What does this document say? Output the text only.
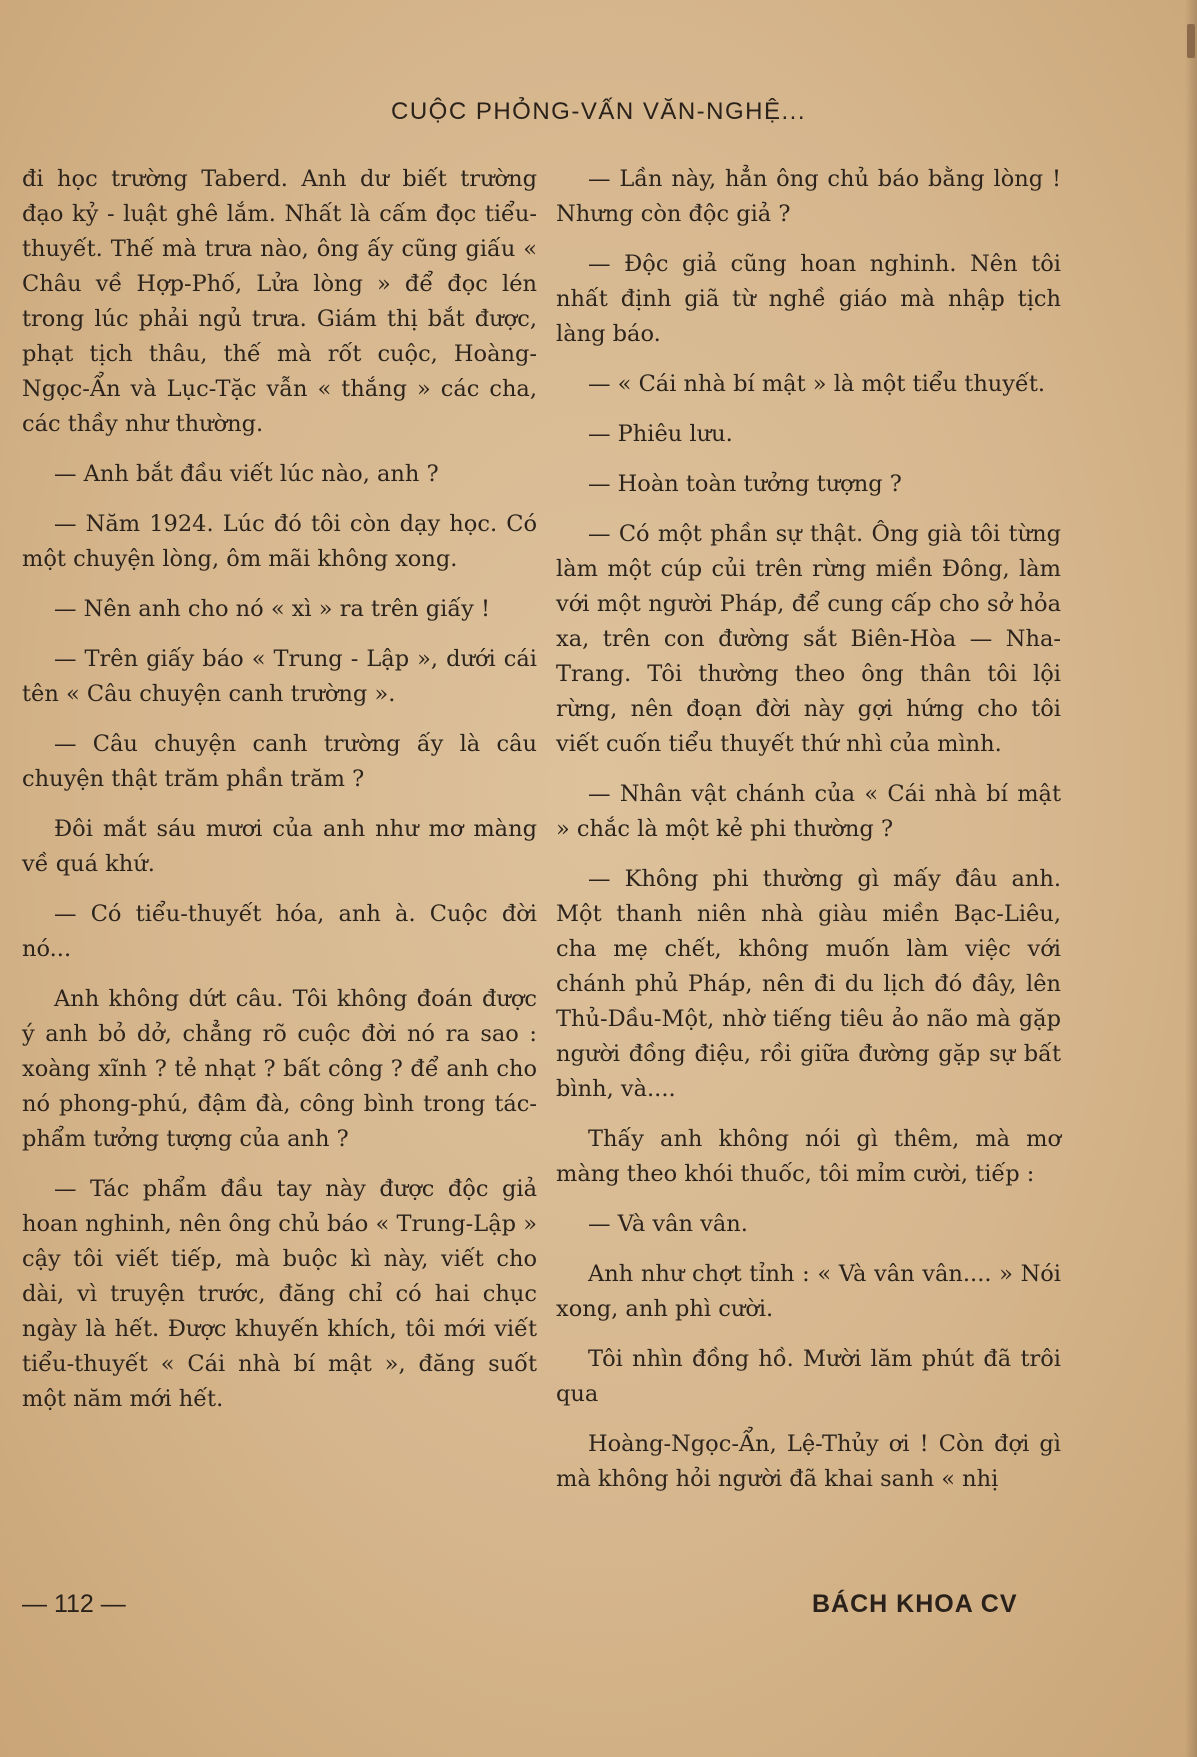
CUỘC PHỎNG-VẤN VĂN-NGHỆ...

đi học trường Taberd. Anh dư biết trường đạo kỷ - luật ghê lắm. Nhất là cấm đọc tiểu-thuyết. Thế mà trưa nào, ông ấy cũng giấu « Châu về Hợp-Phố, Lửa lòng » để đọc lén trong lúc phải ngủ trưa. Giám thị bắt được, phạt tịch thâu, thế mà rốt cuộc, Hoàng-Ngọc-Ẩn và Lục-Tặc vẫn « thắng » các cha, các thầy như thường.

— Anh bắt đầu viết lúc nào, anh ?

— Năm 1924. Lúc đó tôi còn dạy học. Có một chuyện lòng, ôm mãi không xong.

— Nên anh cho nó « xì » ra trên giấy !

— Trên giấy báo « Trung - Lập », dưới cái tên « Câu chuyện canh trường ».

— Câu chuyện canh trường ấy là câu chuyện thật trăm phần trăm ?

Đôi mắt sáu mươi của anh như mơ màng về quá khứ.

— Có tiểu-thuyết hóa, anh à. Cuộc đời nó...

Anh không dứt câu. Tôi không đoán được ý anh bỏ dở, chẳng rõ cuộc đời nó ra sao : xoàng xĩnh ? tẻ nhạt ? bất công ? để anh cho nó phong-phú, đậm đà, công bình trong tác-phẩm tưởng tượng của anh ?

— Tác phẩm đầu tay này được độc giả hoan nghinh, nên ông chủ báo « Trung-Lập » cậy tôi viết tiếp, mà buộc kì này, viết cho dài, vì truyện trước, đăng chỉ có hai chục ngày là hết. Được khuyến khích, tôi mới viết tiểu-thuyết « Cái nhà bí mật », đăng suốt một năm mới hết.

— Lần này, hẳn ông chủ báo bằng lòng ! Nhưng còn độc giả ?

— Độc giả cũng hoan nghinh. Nên tôi nhất định giã từ nghề giáo mà nhập tịch làng báo.

— « Cái nhà bí mật » là một tiểu thuyết.

— Phiêu lưu.

— Hoàn toàn tưởng tượng ?

— Có một phần sự thật. Ông già tôi từng làm một cúp củi trên rừng miền Đông, làm với một người Pháp, để cung cấp cho sở hỏa xa, trên con đường sắt Biên-Hòa — Nha-Trang. Tôi thường theo ông thân tôi lội rừng, nên đoạn đời này gợi hứng cho tôi viết cuốn tiểu thuyết thứ nhì của mình.

— Nhân vật chánh của « Cái nhà bí mật » chắc là một kẻ phi thường ?

— Không phi thường gì mấy đâu anh. Một thanh niên nhà giàu miền Bạc-Liêu, cha mẹ chết, không muốn làm việc với chánh phủ Pháp, nên đi du lịch đó đây, lên Thủ-Dầu-Một, nhờ tiếng tiêu ảo não mà gặp người đồng điệu, rồi giữa đường gặp sự bất bình, và....

Thấy anh không nói gì thêm, mà mơ màng theo khói thuốc, tôi mỉm cười, tiếp :

— Và vân vân.

Anh như chợt tỉnh : « Và vân vân.... » Nói xong, anh phì cười.

Tôi nhìn đồng hồ. Mười lăm phút đã trôi qua

Hoàng-Ngọc-Ẩn, Lệ-Thủy ơi ! Còn đợi gì mà không hỏi người đã khai sanh « nhị

— 112 —	BÁCH KHOA CV
